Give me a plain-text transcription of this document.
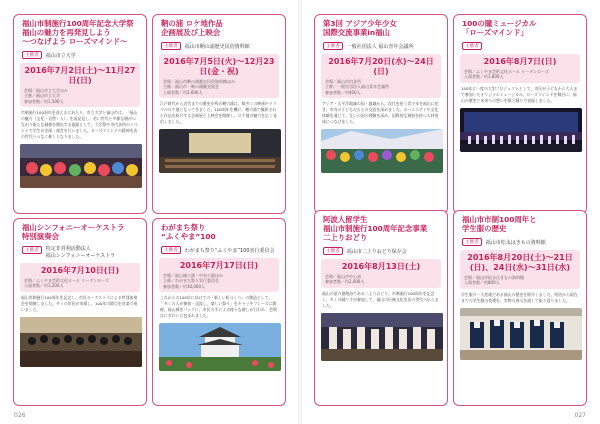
福山市制施行100周年記念大学祭
福山の魅力を再発見しよう
〜つなげよう ローズマインド〜
主催者	福山市立大学
2016年7月2日(土)〜11月27日(日)
会場／福山市立大学ほか
主催／福山市立大学
参加者数／約1,500人
市制施行100周年を迎えるにあたり、市立大学と福山市は、「福山の魅力（文化・自然・人）」を再発見し、若い世代と多様な層がつながり新たな価値を創出する取組として、大学祭や市内各所のイベントで学生が企画・運営を行いました。ローズマインドの精神を次の世代へつなぐ催しとなりました。
鞆の浦 ロケ地作品
企画展及び上映会
主催者	福山市鞆の浦歴史民俗資料館
2016年7月5日(火)〜12月23日(金・祝)
会場／福山市鞆の浦歴史民俗資料館ほか
主催／福山市・鞆の浦観光協会
入場者数／約2,000人
江戸時代から近代までの歴史が残る鞆の浦は、数多くの映画やドラマのロケ地となってきました。100周年を機に、鞆の浦で撮影された作品を紹介する企画展と上映会を開催し、ロケ地の魅力を広く発信しました。
第3回 アジア少年少女
国際交流事業in福山
主催者	一般社団法人 福山青年会議所
2016年7月20日(水)〜24日(日)
会場／福山市内各所
主催／一般社団法人福山青年会議所
参加者数／約400人
アジア・太平洋地域の国・地域から、次代を担う青少年を福山に招き、市内の子どもたちとの交流を深めました。ホームステイや文化体験を通じて、互いの国の理解を深め、国際的な視野を持つ人材育成につなげました。
100の瞳ミュージカル
「ローズマインド」
主催者
2016年8月7日(日)
会場／ふくやま芸術文化ホール リーデンローズ
入場者数／約1,800人
100年に一度の大型プロジェクトとして、市民が子どもから大人まで参加したオリジナルミュージカル。ローズマインドを舞台に、福山の歴史と未来への想いを歌と踊りで表現しました。
福山シンフォニーオーケストラ
特別演奏会
主催者	特定非営利活動法人
福山シンフォニーオーケストラ
2016年7月10日(日)
会場／ふくやま芸術文化ホール リーデンローズ
入場者数／約1,200人
福山市制施行100周年を記念し、市民オーケストラによる特別演奏会を開催しました。多くの市民が来場し、100年の節目を音楽で祝いました。
わがまち祭り
“ふくやま”100
主催者	わがまち祭り“ふくやま”100実行委員会
2016年7月17日(日)
会場／福山城公園・中央公園ほか
主催／わがまち祭り実行委員会
参加者数／約30,000人
これからの100年に向けての「新しい町づくり」の創造として、「多くの人が参加・交流し、楽しい祭り」をキャッチフレーズに開催。福山城をバックに、市民の手による様々な催しが行われ、会場はにぎわいに包まれました。
阿波人留学生
福山市制施行100周年記念事業
二上りおどり
主催者	福山市二上りおどり保存会
2016年8月13日(土)
会場／福山市中心部
参加者数／約2,000人
福山の夏の風物詩である二上りおどり。市制施行100周年を記念し、多くの踊り手が参加して、福山の伝統文化を次の世代へ伝えました。
福山市市制100周年と
学生服の歴史
主催者	福山市松永はきもの資料館
2016年8月20日(土)〜21日(日)、24日(水)〜31日(水)
会場／福山市松永はきもの資料館
入場者数／約800人
学生服の一大産地である福山の歴史を紹介しました。明治から現在までの学生服の変遷を、実物の展示を通して振り返りました。
026	027
